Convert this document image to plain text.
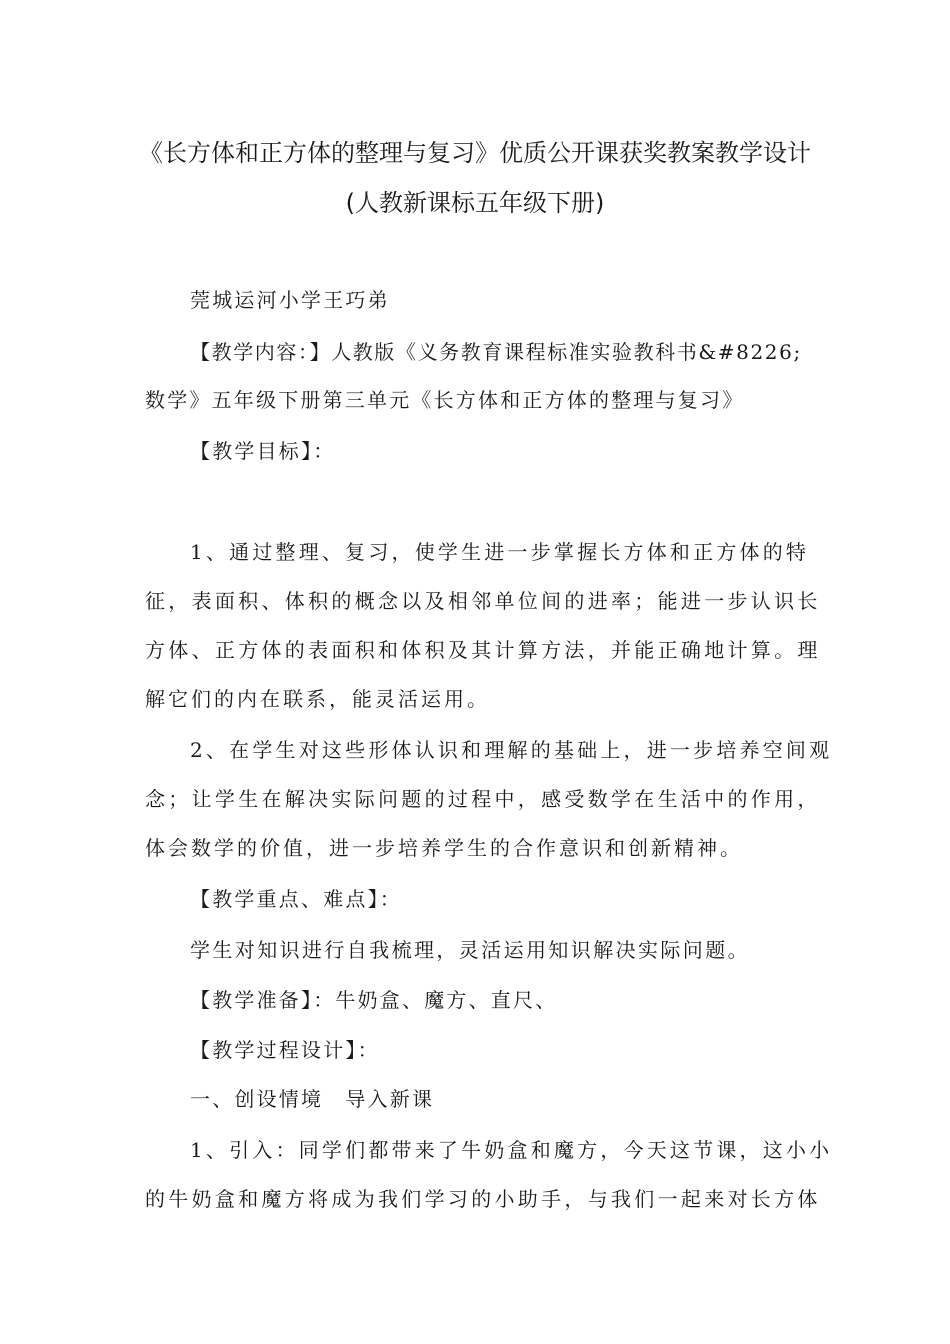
《长方体和正方体的整理与复习》优质公开课获奖教案教学设计
(人教新课标五年级下册)
莞城运河小学王巧弟
【教学内容：】人教版《义务教育课程标准实验教科书&#8226;
数学》五年级下册第三单元《长方体和正方体的整理与复习》
【教学目标】：
1、通过整理、复习，使学生进一步掌握长方体和正方体的特
征，表面积、体积的概念以及相邻单位间的进率；能进一步认识长
方体、正方体的表面积和体积及其计算方法，并能正确地计算。理
解它们的内在联系，能灵活运用。
2、在学生对这些形体认识和理解的基础上，进一步培养空间观
念；让学生在解决实际问题的过程中，感受数学在生活中的作用，
体会数学的价值，进一步培养学生的合作意识和创新精神。
【教学重点、难点】：
学生对知识进行自我梳理，灵活运用知识解决实际问题。
【教学准备】：牛奶盒、魔方、直尺、
【教学过程设计】：
一、创设情境　导入新课
1、引入：同学们都带来了牛奶盒和魔方，今天这节课，这小小
的牛奶盒和魔方将成为我们学习的小助手，与我们一起来对长方体
